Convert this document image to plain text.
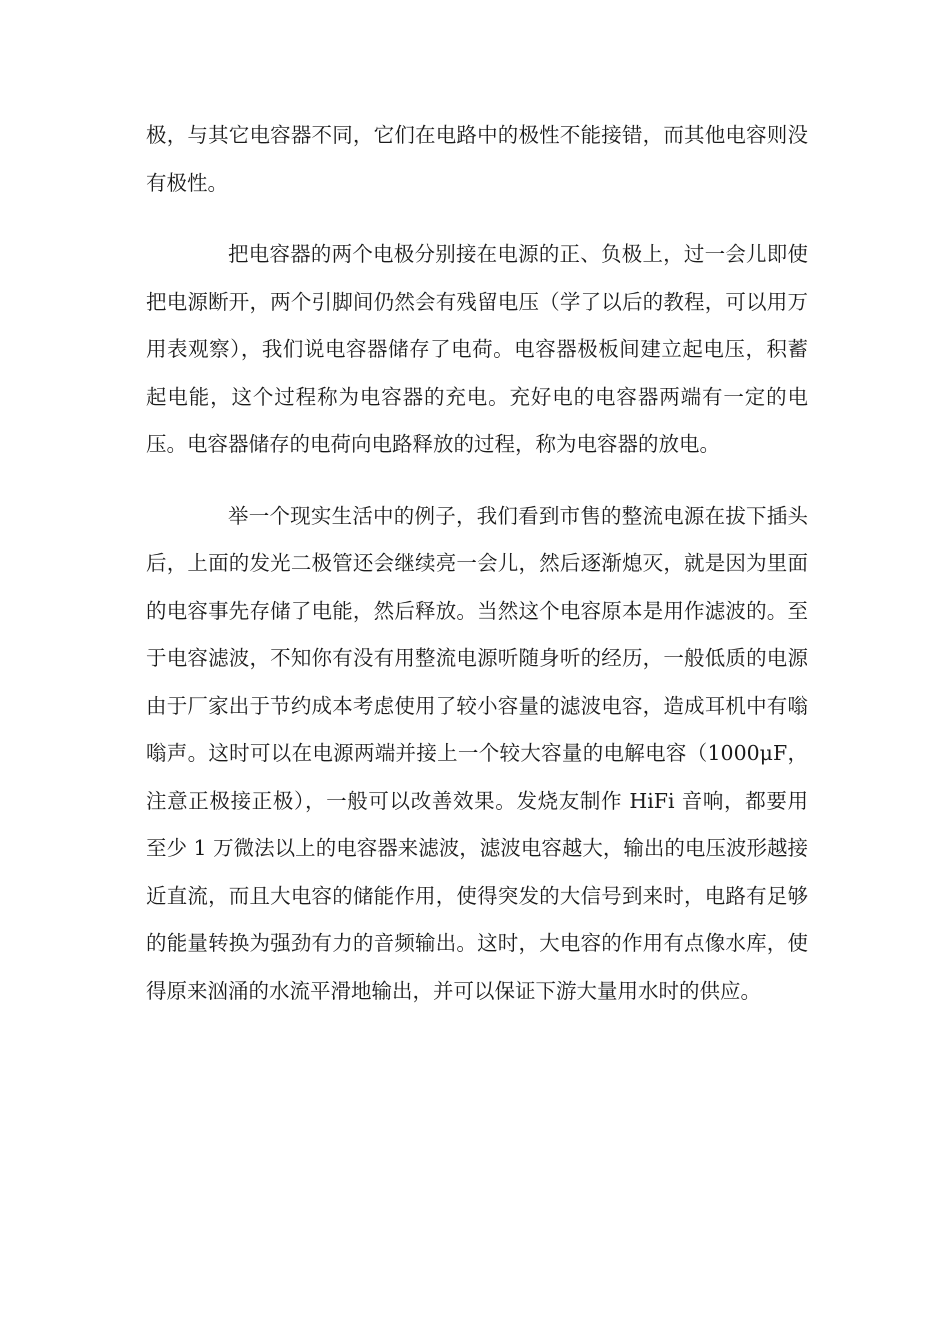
极，与其它电容器不同，它们在电路中的极性不能接错，而其他电容则没有极性。

把电容器的两个电极分别接在电源的正、负极上，过一会儿即使把电源断开，两个引脚间仍然会有残留电压（学了以后的教程，可以用万用表观察），我们说电容器储存了电荷。电容器极板间建立起电压，积蓄起电能，这个过程称为电容器的充电。充好电的电容器两端有一定的电压。电容器储存的电荷向电路释放的过程，称为电容器的放电。

举一个现实生活中的例子，我们看到市售的整流电源在拔下插头后，上面的发光二极管还会继续亮一会儿，然后逐渐熄灭，就是因为里面的电容事先存储了电能，然后释放。当然这个电容原本是用作滤波的。至于电容滤波，不知你有没有用整流电源听随身听的经历，一般低质的电源由于厂家出于节约成本考虑使用了较小容量的滤波电容，造成耳机中有嗡嗡声。这时可以在电源两端并接上一个较大容量的电解电容（1000μF，注意正极接正极），一般可以改善效果。发烧友制作 HiFi 音响，都要用至少 1 万微法以上的电容器来滤波，滤波电容越大，输出的电压波形越接近直流，而且大电容的储能作用，使得突发的大信号到来时，电路有足够的能量转换为强劲有力的音频输出。这时，大电容的作用有点像水库，使得原来汹涌的水流平滑地输出，并可以保证下游大量用水时的供应。
